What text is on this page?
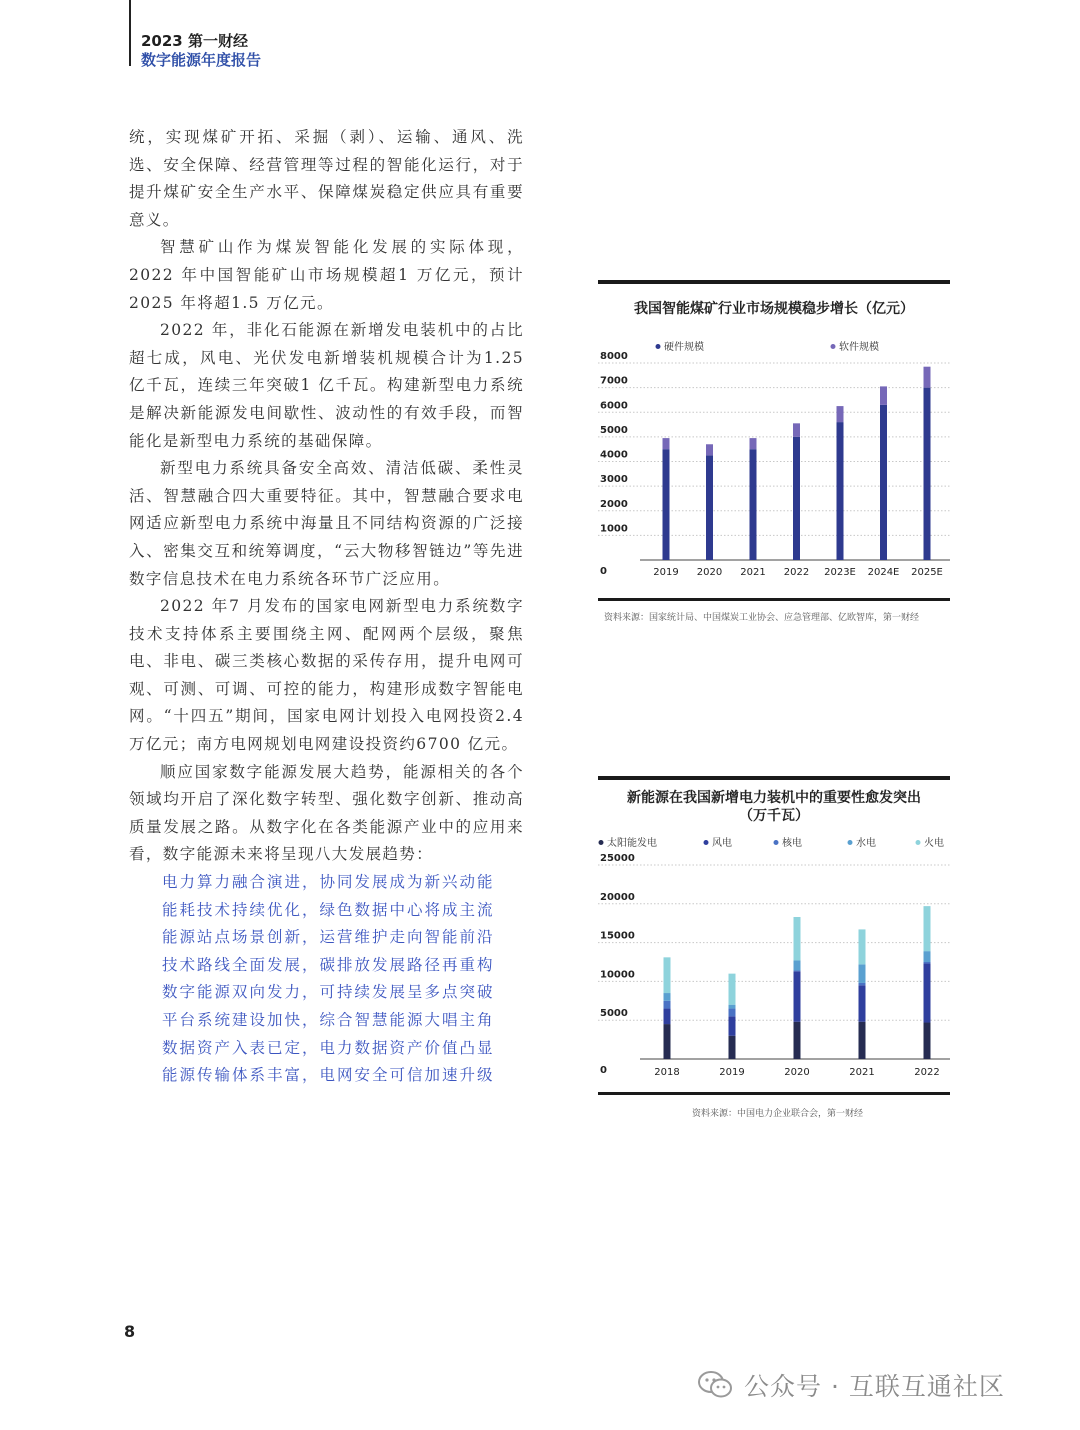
2023 第一财经
数字能源年度报告

统，实现煤矿开拓、采掘（剥）、运输、通风、洗选、安全保障、经营管理等过程的智能化运行，对于提升煤矿安全生产水平、保障煤炭稳定供应具有重要意义。

智慧矿山作为煤炭智能化发展的实际体现，2022 年中国智能矿山市场规模超1 万亿元，预计2025 年将超1.5 万亿元。

2022 年，非化石能源在新增发电装机中的占比超七成，风电、光伏发电新增装机规模合计为1.25 亿千瓦，连续三年突破1 亿千瓦。构建新型电力系统是解决新能源发电间歇性、波动性的有效手段，而智能化是新型电力系统的基础保障。

新型电力系统具备安全高效、清洁低碳、柔性灵活、智慧融合四大重要特征。其中，智慧融合要求电网适应新型电力系统中海量且不同结构资源的广泛接入、密集交互和统筹调度，“云大物移智链边”等先进数字信息技术在电力系统各环节广泛应用。

2022 年7 月发布的国家电网新型电力系统数字技术支持体系主要围绕主网、配网两个层级，聚焦电、非电、碳三类核心数据的采传存用，提升电网可观、可测、可调、可控的能力，构建形成数字智能电网。“十四五”期间，国家电网计划投入电网投资2.4 万亿元；南方电网规划电网建设投资约6700 亿元。

顺应国家数字能源发展大趋势，能源相关的各个领域均开启了深化数字转型、强化数字创新、推动高质量发展之路。从数字化在各类能源产业中的应用来看，数字能源未来将呈现八大发展趋势：

电力算力融合演进，协同发展成为新兴动能
能耗技术持续优化，绿色数据中心将成主流
能源站点场景创新，运营维护走向智能前沿
技术路线全面发展，碳排放发展路径再重构
数字能源双向发力，可持续发展呈多点突破
平台系统建设加快，综合智慧能源大唱主角
数据资产入表已定，电力数据资产价值凸显
能源传输体系丰富，电网安全可信加速升级
我国智能煤矿行业市场规模稳步增长（亿元）
硬件规模	软件规模
0
1000
2000
3000
4000
5000
6000
7000
8000
2019 2020 2021 2022 2023E 2024E 2025E
资料来源：国家统计局、中国煤炭工业协会、应急管理部、亿欧智库，第一财经
新能源在我国新增电力装机中的重要性愈发突出
（万千瓦）
太阳能发电	风电	核电	水电	火电
0
5000
10000
15000
20000
25000
2018	2019	2020	2021	2022
资料来源：中国电力企业联合会，第一财经
8
公众号 · 互联互通社区
